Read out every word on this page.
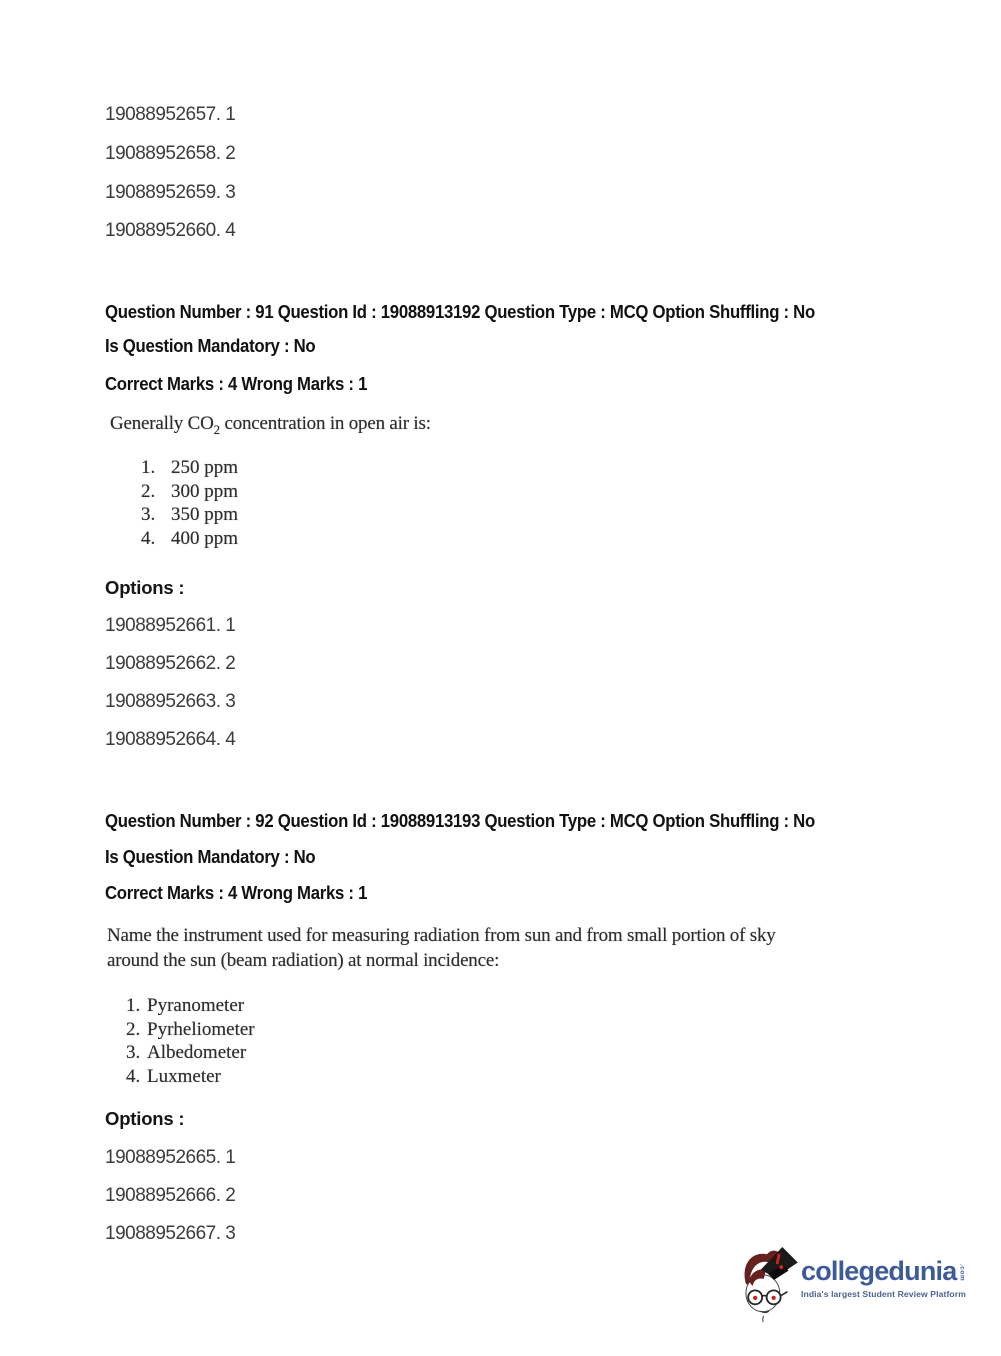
19088952657. 1
19088952658. 2
19088952659. 3
19088952660. 4
Question Number : 91 Question Id : 19088913192 Question Type : MCQ Option Shuffling : No
Is Question Mandatory : No
Correct Marks : 4 Wrong Marks : 1
Generally $CO_2$ concentration in open air is:
1. 250 ppm
2. 300 ppm
3. 350 ppm
4. 400 ppm
Options :
19088952661. 1
19088952662. 2
19088952663. 3
19088952664. 4
Question Number : 92 Question Id : 19088913193 Question Type : MCQ Option Shuffling : No
Is Question Mandatory : No
Correct Marks : 4 Wrong Marks : 1
Name the instrument used for measuring radiation from sun and from small portion of sky
around the sun (beam radiation) at normal incidence:
1. Pyranometer
2. Pyrheliometer
3. Albedometer
4. Luxmeter
Options :
19088952665. 1
19088952666. 2
19088952667. 3
collegedunia .com
India's largest Student Review Platform
